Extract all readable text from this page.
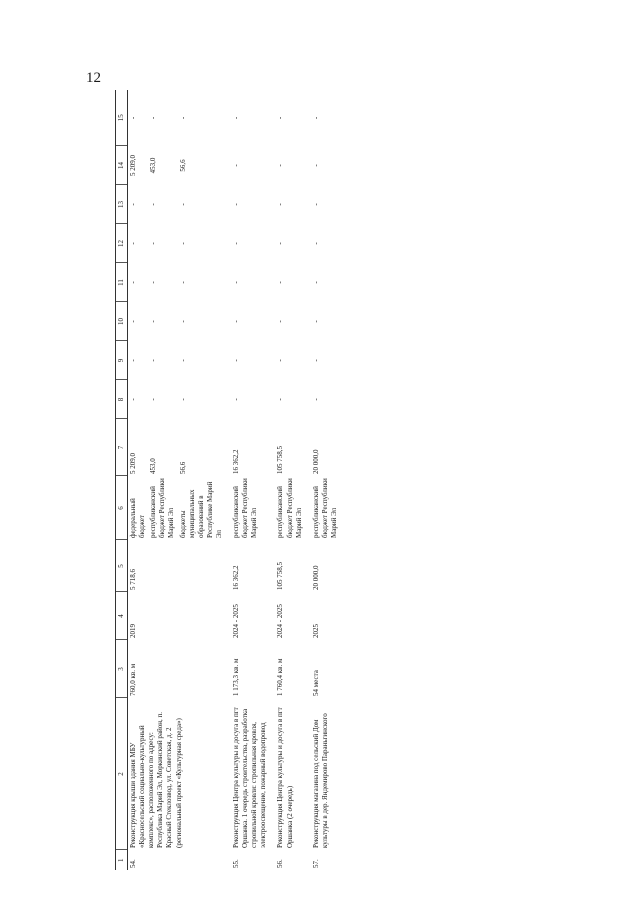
12
1	2	3	4	5	6	7	8	9	10	11	12	13	14	15
54.	Реконструкция крыши здания МБУ «Красносельский социально-культурный комплекс», расположенного по адресу: Республика Марий Эл, Моркинский район, п. Красный Стеклозвод, ул. Советская, д. 2 (региональный проект «Культурная среда»)	760,0 кв. м	2019	5 718,6	федеральный бюджет	5 209,0	-	-	-	-	-	-	5 209,0	-
					республиканский бюджет Республики Марий Эл	453,0	-	-	-	-	-	-	453,0	-
					бюджеты муниципальных образований в Республике Марий Эл	56,6	-	-	-	-	-	-	56,6	-

55.	Реконструкция Центра культуры и досуга в пгт Оршанка. 1 очередь строительства, разработка стропильной кровли: стропильная кровля, электроосвещение, пожарный водопровод	1 173,3 кв. м	2024 - 2025	16 362,2	республиканский бюджет Республики Марий Эл	16 362,2	-	-	-	-	-	-	-	-

56.	Реконструкция Центра культуры и досуга в пгт Оршанка (2 очередь)	1 760,4 кв. м	2024 - 2025	105 758,5	республиканский бюджет Республики Марий Эл	105 758,5	-	-	-	-	-	-	-	-

57.	Реконструкция магазина под сельский Дом культуры в дер. Яндемирово Параньгинского	54 места	2025	20 000,0	республиканский бюджет Республики Марий Эл	20 000,0	-	-	-	-	-	-	-	-
